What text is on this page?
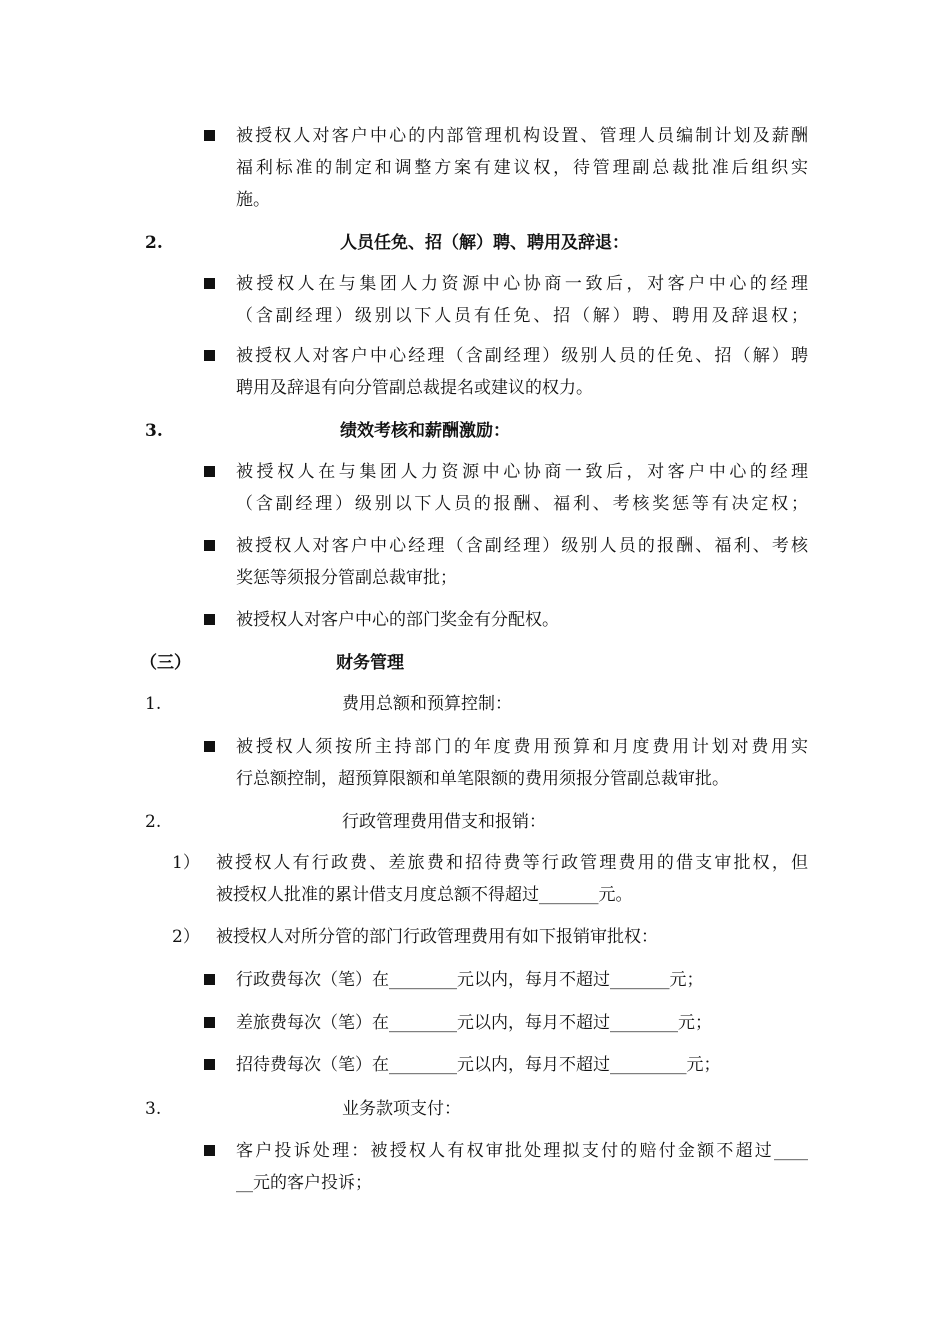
被授权人对客户中心的内部管理机构设置、管理人员编制计划及薪酬
福利标准的制定和调整方案有建议权，待管理副总裁批准后组织实
施。
2.	人员任免、招（解）聘、聘用及辞退：
被授权人在与集团人力资源中心协商一致后，对客户中心的经理
（含副经理）级别以下人员有任免、招（解）聘、聘用及辞退权；
被授权人对客户中心经理（含副经理）级别人员的任免、招（解）聘
聘用及辞退有向分管副总裁提名或建议的权力。
3.	绩效考核和薪酬激励：
被授权人在与集团人力资源中心协商一致后，对客户中心的经理
（含副经理）级别以下人员的报酬、福利、考核奖惩等有决定权；
被授权人对客户中心经理（含副经理）级别人员的报酬、福利、考核
奖惩等须报分管副总裁审批；
被授权人对客户中心的部门奖金有分配权。
（三）	财务管理
1.	费用总额和预算控制：
被授权人须按所主持部门的年度费用预算和月度费用计划对费用实
行总额控制，超预算限额和单笔限额的费用须报分管副总裁审批。
2.	行政管理费用借支和报销：
1） 被授权人有行政费、差旅费和招待费等行政管理费用的借支审批权，但
被授权人批准的累计借支月度总额不得超过_______元。
2） 被授权人对所分管的部门行政管理费用有如下报销审批权：
行政费每次（笔）在________元以内，每月不超过_______元；
差旅费每次（笔）在________元以内，每月不超过________元；
招待费每次（笔）在________元以内，每月不超过_________元；
3.	业务款项支付：
客户投诉处理：被授权人有权审批处理拟支付的赔付金额不超过____
__元的客户投诉；
